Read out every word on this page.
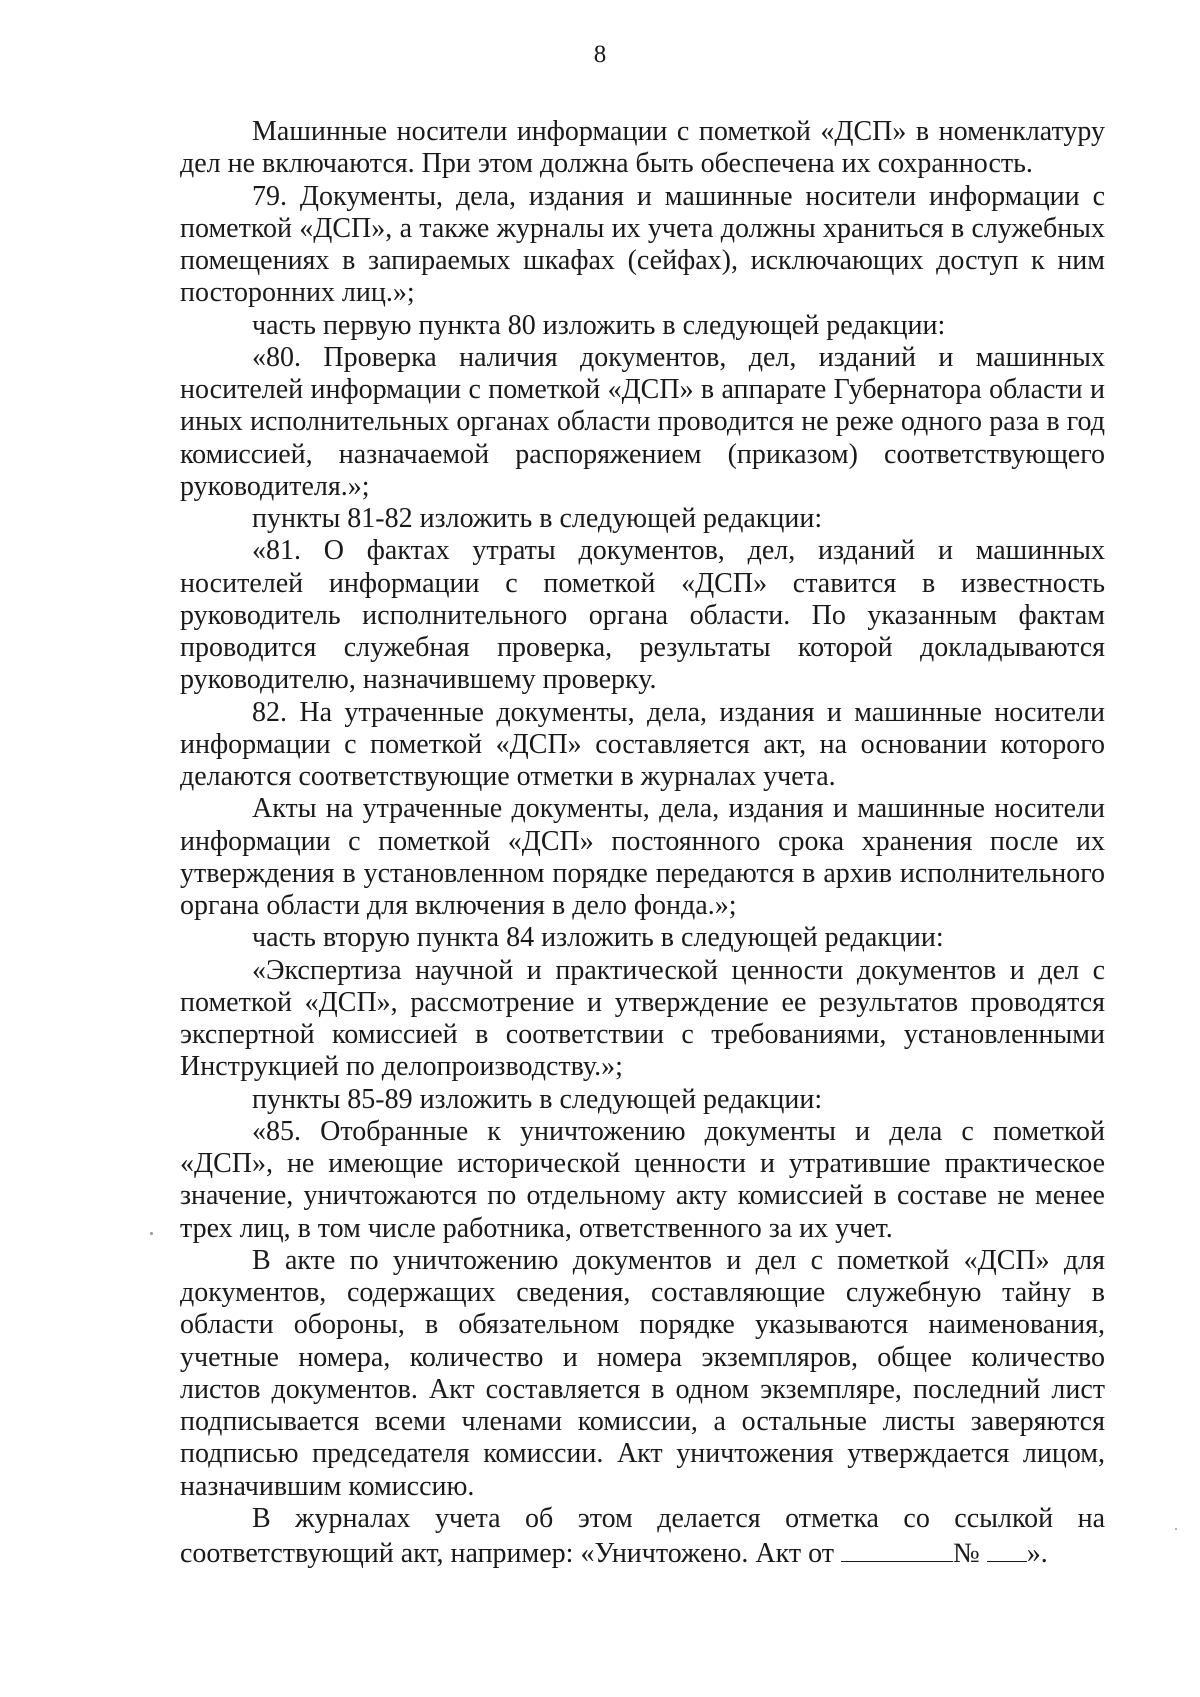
8

Машинные носители информации с пометкой «ДСП» в номенклатуру дел не включаются. При этом должна быть обеспечена их сохранность.

79. Документы, дела, издания и машинные носители информации с пометкой «ДСП», а также журналы их учета должны храниться в служебных помещениях в запираемых шкафах (сейфах), исключающих доступ к ним посторонних лиц.»;

часть первую пункта 80 изложить в следующей редакции:

«80. Проверка наличия документов, дел, изданий и машинных носителей информации с пометкой «ДСП» в аппарате Губернатора области и иных исполнительных органах области проводится не реже одного раза в год комиссией, назначаемой распоряжением (приказом) соответствующего руководителя.»;

пункты 81-82 изложить в следующей редакции:

«81. О фактах утраты документов, дел, изданий и машинных носителей информации с пометкой «ДСП» ставится в известность руководитель исполнительного органа области. По указанным фактам проводится служебная проверка, результаты которой докладываются руководителю, назначившему проверку.

82. На утраченные документы, дела, издания и машинные носители информации с пометкой «ДСП» составляется акт, на основании которого делаются соответствующие отметки в журналах учета.

Акты на утраченные документы, дела, издания и машинные носители информации с пометкой «ДСП» постоянного срока хранения после их утверждения в установленном порядке передаются в архив исполнительного органа области для включения в дело фонда.»;

часть вторую пункта 84 изложить в следующей редакции:

«Экспертиза научной и практической ценности документов и дел с пометкой «ДСП», рассмотрение и утверждение ее результатов проводятся экспертной комиссией в соответствии с требованиями, установленными Инструкцией по делопроизводству.»;

пункты 85-89 изложить в следующей редакции:

«85. Отобранные к уничтожению документы и дела с пометкой «ДСП», не имеющие исторической ценности и утратившие практическое значение, уничтожаются по отдельному акту комиссией в составе не менее трех лиц, в том числе работника, ответственного за их учет.

В акте по уничтожению документов и дел с пометкой «ДСП» для документов, содержащих сведения, составляющие служебную тайну в области обороны, в обязательном порядке указываются наименования, учетные номера, количество и номера экземпляров, общее количество листов документов. Акт составляется в одном экземпляре, последний лист подписывается всеми членами комиссии, а остальные листы заверяются подписью председателя комиссии. Акт уничтожения утверждается лицом, назначившим комиссию.

В журналах учета об этом делается отметка со ссылкой на соответствующий акт, например: «Уничтожено. Акт от	№ ».
